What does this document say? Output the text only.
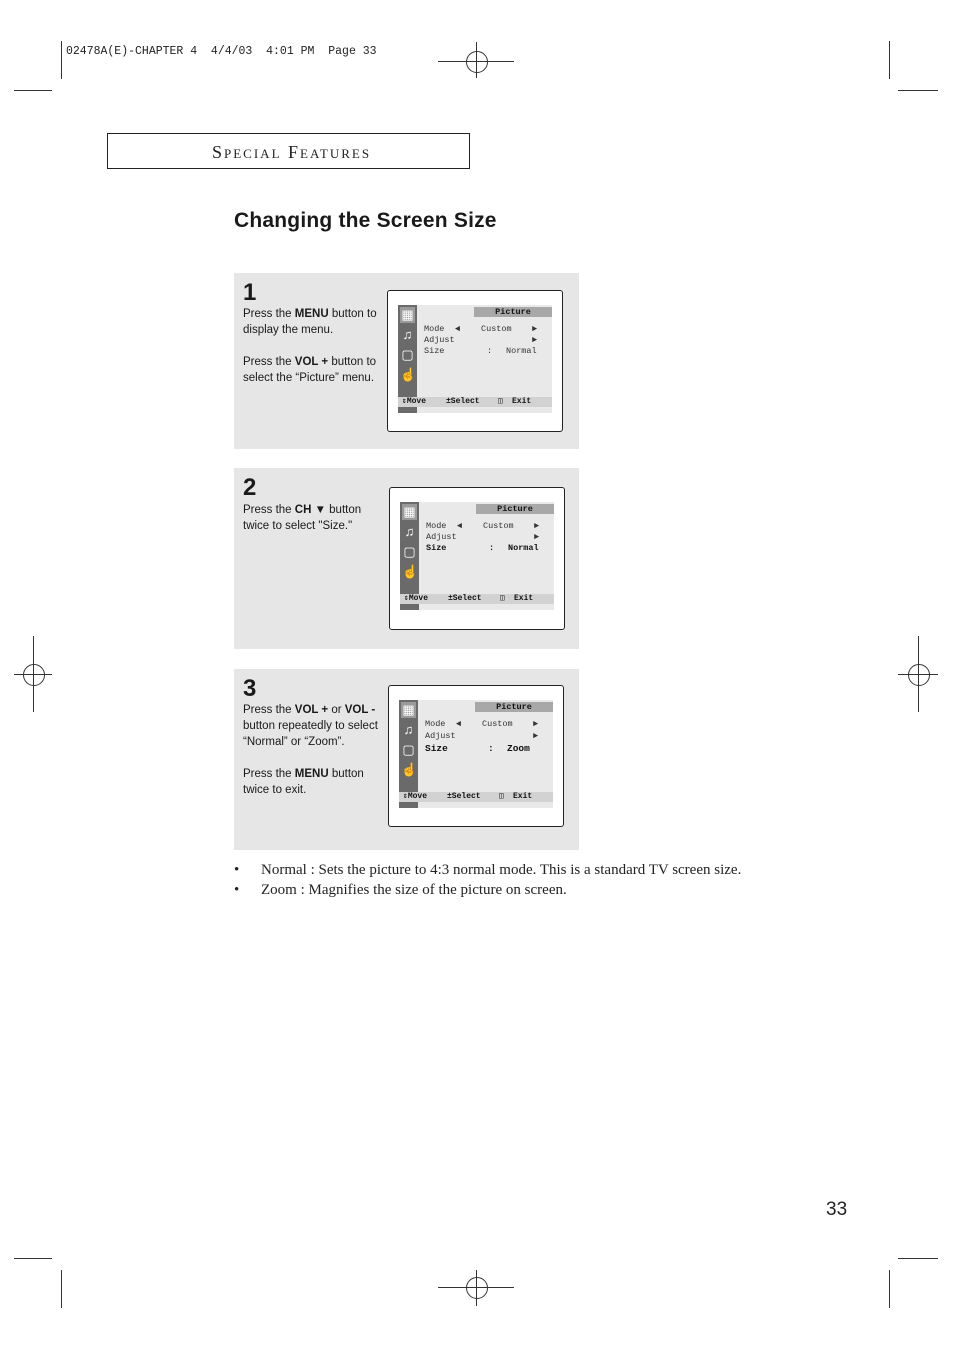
02478A(E)-CHAPTER 4  4/4/03  4:01 PM  Page 33
Special Features
Changing the Screen Size
1

Press the MENU button to display the menu.

Press the VOL + button to select the “Picture” menu.

▦
♫
▢
☝
Picture
Mode ◄ Custom ►
Adjust	►
Size	: Normal
⇕Move ±Select ◫ Exit
2

Press the CH ▼ button twice to select "Size."

▦
♫
▢
☝
Picture
Mode ◄ Custom ►
Adjust	►
Size	: Normal
⇕Move ±Select ◫ Exit
3

Press the VOL + or VOL - button repeatedly to select “Normal” or “Zoom”.

Press the MENU button twice to exit.

▦
♫
▢
☝
Picture
Mode ◄ Custom ►
Adjust	►
Size	: Zoom
⇕Move ±Select ◫ Exit
• Normal : Sets the picture to 4:3 normal mode. This is a standard TV screen size.
• Zoom : Magnifies the size of the picture on screen.
33
